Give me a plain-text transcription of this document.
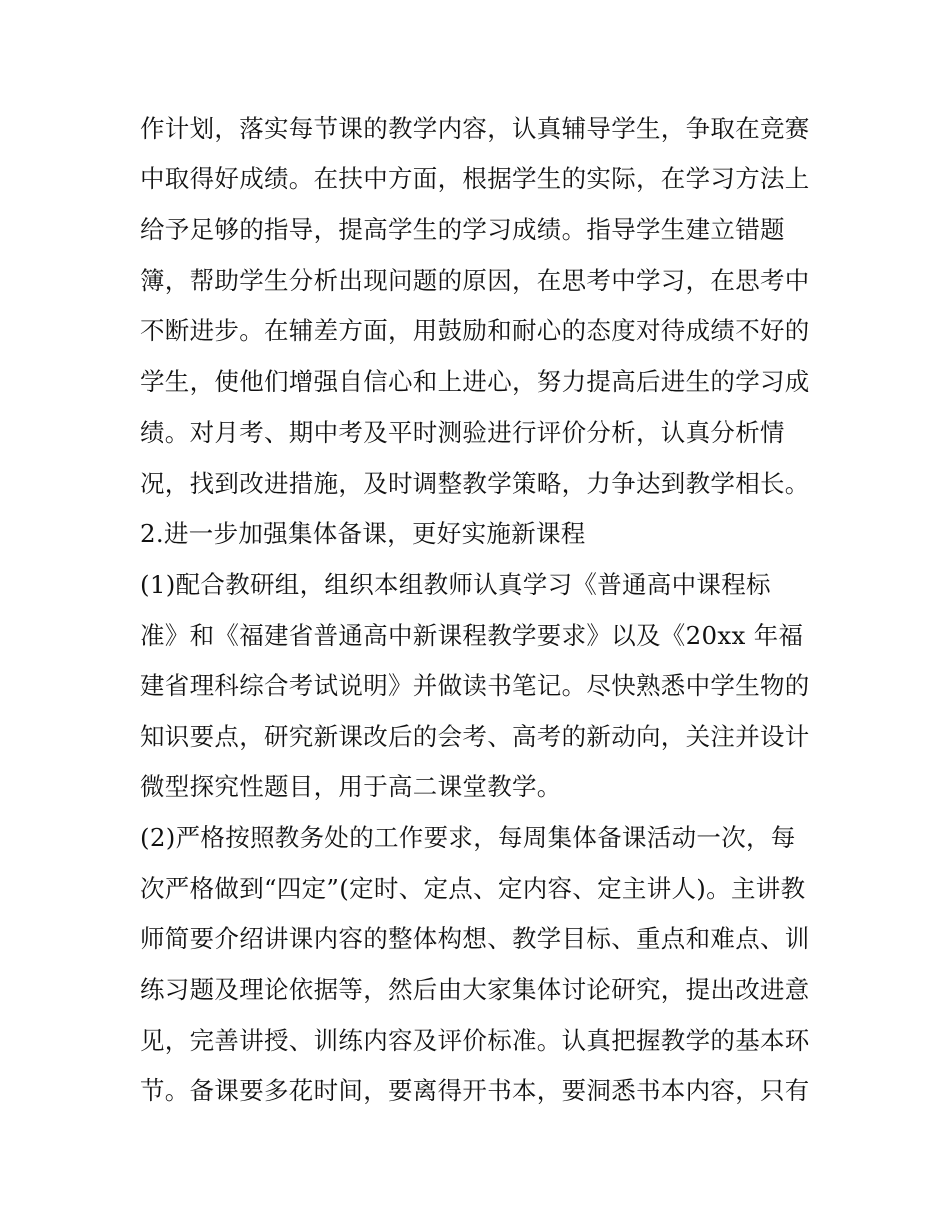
作计划，落实每节课的教学内容，认真辅导学生，争取在竞赛
中取得好成绩。在扶中方面，根据学生的实际，在学习方法上
给予足够的指导，提高学生的学习成绩。指导学生建立错题
簿，帮助学生分析出现问题的原因，在思考中学习，在思考中
不断进步。在辅差方面，用鼓励和耐心的态度对待成绩不好的
学生，使他们增强自信心和上进心，努力提高后进生的学习成
绩。对月考、期中考及平时测验进行评价分析，认真分析情
况，找到改进措施，及时调整教学策略，力争达到教学相长。
2.进一步加强集体备课，更好实施新课程
(1)配合教研组，组织本组教师认真学习《普通高中课程标
准》和《福建省普通高中新课程教学要求》以及《20xx 年福
建省理科综合考试说明》并做读书笔记。尽快熟悉中学生物的
知识要点，研究新课改后的会考、高考的新动向，关注并设计
微型探究性题目，用于高二课堂教学。
(2)严格按照教务处的工作要求，每周集体备课活动一次，每
次严格做到“四定”(定时、定点、定内容、定主讲人)。主讲教
师简要介绍讲课内容的整体构想、教学目标、重点和难点、训
练习题及理论依据等，然后由大家集体讨论研究，提出改进意
见，完善讲授、训练内容及评价标准。认真把握教学的基本环
节。备课要多花时间，要离得开书本，要洞悉书本内容，只有
